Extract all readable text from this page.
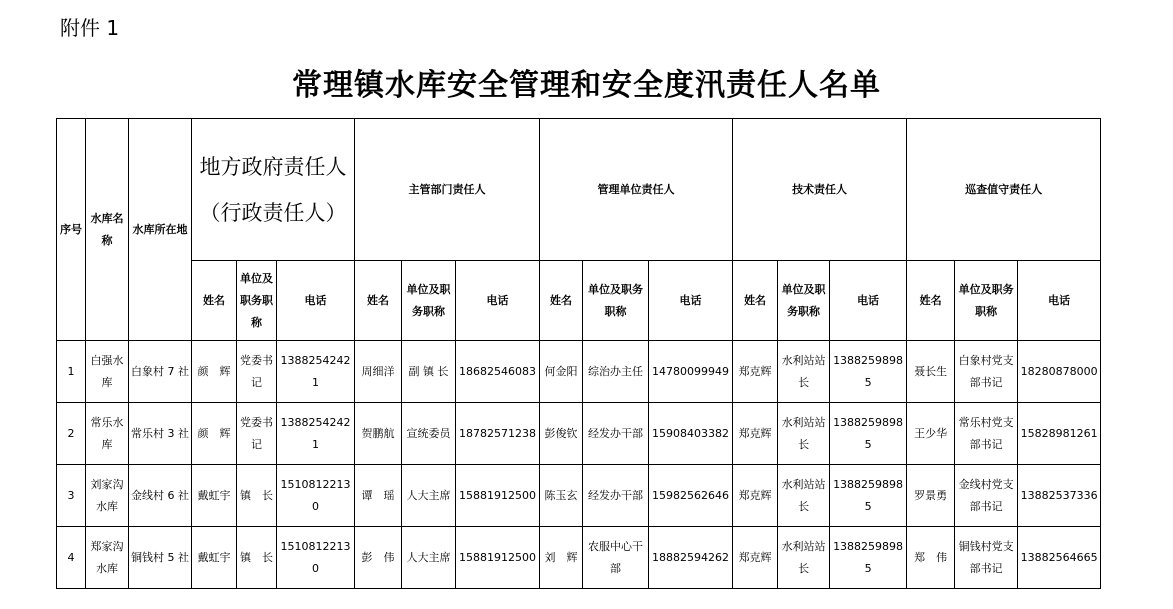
附件 1
常理镇水库安全管理和安全度汛责任人名单
序号	水库名称	水库所在地	地方政府责任人（行政责任人）			主管部门责任人			管理单位责任人			技术责任人			巡查值守责任人		
			姓名	单位及职务职称	电话	姓名	单位及职务职称	电话	姓名	单位及职务职称	电话	姓名	单位及职务职称	电话	姓名	单位及职务职称	电话
1	白强水库	白象村 7 社	颜　辉	党委书记	13882542421	周细洋	副 镇 长	18682546083	何金阳	综治办主任	14780099949	郑克辉	水利站站长	13882598985	聂长生	白象村党支部书记	18280878000
2	常乐水库	常乐村 3 社	颜　辉	党委书记	13882542421	贺鹏航	宣统委员	18782571238	彭俊钦	经发办干部	15908403382	郑克辉	水利站站长	13882598985	王少华	常乐村党支部书记	15828981261
3	刘家沟水库	金线村 6 社	戴虹宇	镇　长	15108122130	谭　瑶	人大主席	15881912500	陈玉玄	经发办干部	15982562646	郑克辉	水利站站长	13882598985	罗景勇	金线村党支部书记	13882537336
4	郑家沟水库	铜钱村 5 社	戴虹宇	镇　长	15108122130	彭　伟	人大主席	15881912500	刘　辉	农服中心干部	18882594262	郑克辉	水利站站长	13882598985	郑　伟	铜钱村党支部书记	13882564665
